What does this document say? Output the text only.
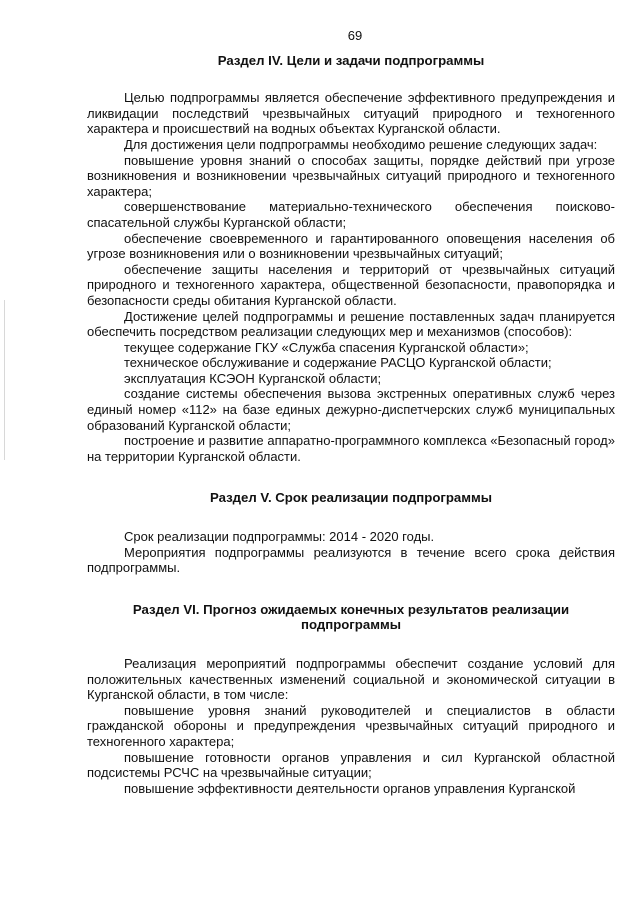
69
Раздел IV. Цели и задачи подпрограммы

Целью подпрограммы является обеспечение эффективного предупреждения и ликвидации последствий чрезвычайных ситуаций природного и техногенного характера и происшествий на водных объектах Курганской области.

Для достижения цели подпрограммы необходимо решение следующих задач:

повышение уровня знаний о способах защиты, порядке действий при угрозе возникновения и возникновении чрезвычайных ситуаций природного и техногенного характера;

совершенствование материально-технического обеспечения поисково-спасательной службы Курганской области;

обеспечение своевременного и гарантированного оповещения населения об угрозе возникновения или о возникновении чрезвычайных ситуаций;

обеспечение защиты населения и территорий от чрезвычайных ситуаций природного и техногенного характера, общественной безопасности, правопорядка и безопасности среды обитания Курганской области.

Достижение целей подпрограммы и решение поставленных задач планируется обеспечить посредством реализации следующих мер и механизмов (способов):

текущее содержание ГКУ «Служба спасения Курганской области»;

техническое обслуживание и содержание РАСЦО Курганской области;

эксплуатация КСЭОН Курганской области;

создание системы обеспечения вызова экстренных оперативных служб через единый номер «112» на базе единых дежурно-диспетчерских служб муниципальных образований Курганской области;

построение и развитие аппаратно-программного комплекса «Безопасный город» на территории Курганской области.

Раздел V. Срок реализации подпрограммы

Срок реализации подпрограммы: 2014 - 2020 годы.

Мероприятия подпрограммы реализуются в течение всего срока действия подпрограммы.

Раздел VI. Прогноз ожидаемых конечных результатов реализации подпрограммы

Реализация мероприятий подпрограммы обеспечит создание условий для положительных качественных изменений социальной и экономической ситуации в Курганской области, в том числе:

повышение уровня знаний руководителей и специалистов в области гражданской обороны и предупреждения чрезвычайных ситуаций природного и техногенного характера;

повышение готовности органов управления и сил Курганской областной подсистемы РСЧС на чрезвычайные ситуации;

повышение эффективности деятельности органов управления Курганской
